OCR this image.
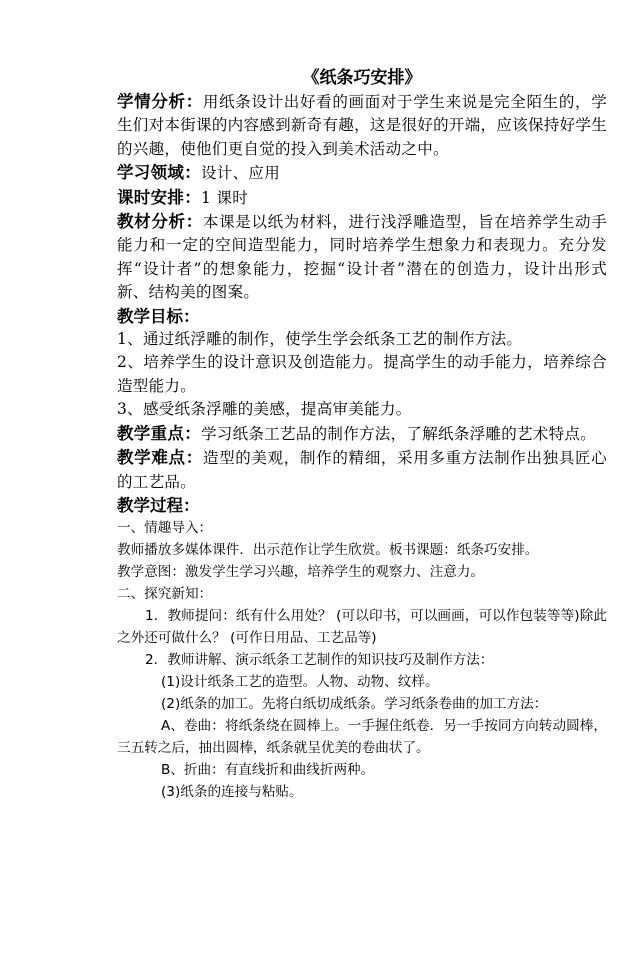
《纸条巧安排》

学情分析：用纸条设计出好看的画面对于学生来说是完全陌生的，学生们对本街课的内容感到新奇有趣，这是很好的开端，应该保持好学生的兴趣，使他们更自觉的投入到美术活动之中。

学习领域：设计、应用

课时安排：1 课时

教材分析：本课是以纸为材料，进行浅浮雕造型，旨在培养学生动手能力和一定的空间造型能力，同时培养学生想象力和表现力。充分发挥“设计者”的想象能力，挖掘“设计者”潜在的创造力，设计出形式新、结构美的图案。

教学目标：

1、通过纸浮雕的制作，使学生学会纸条工艺的制作方法。

2、培养学生的设计意识及创造能力。提高学生的动手能力，培养综合造型能力。

3、感受纸条浮雕的美感，提高审美能力。

教学重点：学习纸条工艺品的制作方法，了解纸条浮雕的艺术特点。

教学难点：造型的美观，制作的精细，采用多重方法制作出独具匠心的工艺品。

教学过程：

一、情趣导入：

教师播放多媒体课件．出示范作让学生欣赏。板书课题：纸条巧安排。

教学意图：激发学生学习兴趣，培养学生的观察力、注意力。

二、探究新知：

1．教师提问：纸有什么用处？ (可以印书，可以画画，可以作包装等等)除此之外还可做什么？ (可作日用品、工艺品等)

2．教师讲解、演示纸条工艺制作的知识技巧及制作方法：

(1)设计纸条工艺的造型。人物、动物、纹样。

(2)纸条的加工。先将白纸切成纸条。学习纸条卷曲的加工方法：

A、卷曲：将纸条绕在圆棒上。一手握住纸卷．另一手按同方向转动圆棒，三五转之后，抽出圆棒，纸条就呈优美的卷曲状了。

B、折曲：有直线折和曲线折两种。

(3)纸条的连接与粘贴。
